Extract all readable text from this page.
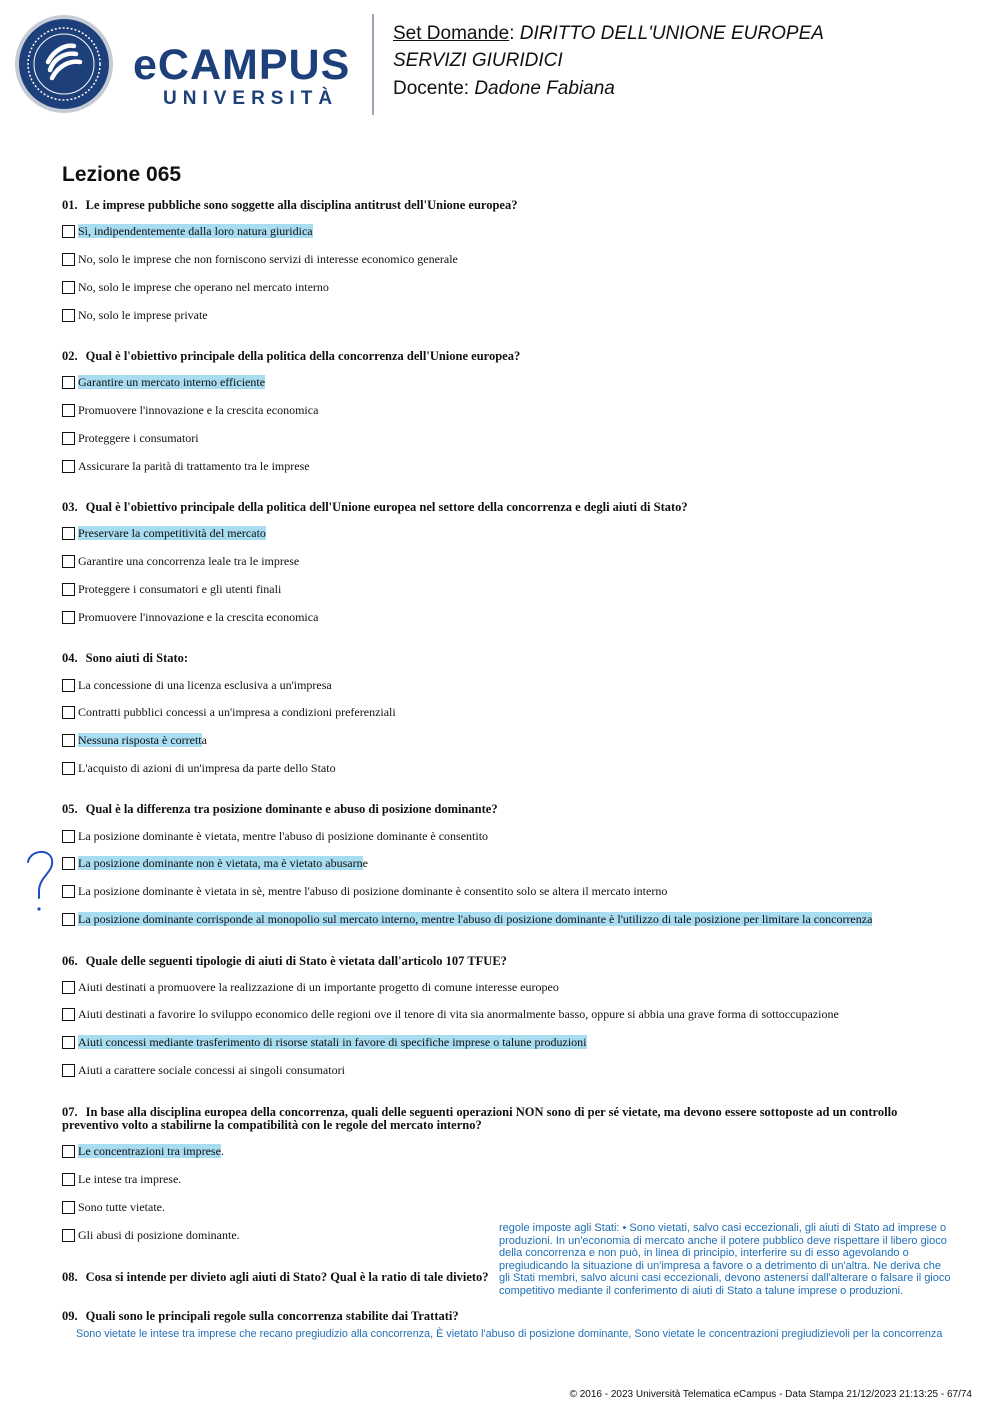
eCAMPUS
UNIVERSITÀ
Set Domande: DIRITTO DELL'UNIONE EUROPEA
SERVIZI GIURIDICI
Docente: Dadone Fabiana
Lezione 065
01. Le imprese pubbliche sono soggette alla disciplina antitrust dell'Unione europea?
Sì, indipendentemente dalla loro natura giuridica
No, solo le imprese che non forniscono servizi di interesse economico generale
No, solo le imprese che operano nel mercato interno
No, solo le imprese private
02. Qual è l'obiettivo principale della politica della concorrenza dell'Unione europea?
Garantire un mercato interno efficiente
Promuovere l'innovazione e la crescita economica
Proteggere i consumatori
Assicurare la parità di trattamento tra le imprese
03. Qual è l'obiettivo principale della politica dell'Unione europea nel settore della concorrenza e degli aiuti di Stato?
Preservare la competitività del mercato
Garantire una concorrenza leale tra le imprese
Proteggere i consumatori e gli utenti finali
Promuovere l'innovazione e la crescita economica
04. Sono aiuti di Stato:
La concessione di una licenza esclusiva a un'impresa
Contratti pubblici concessi a un'impresa a condizioni preferenziali
Nessuna risposta è corretta
L'acquisto di azioni di un'impresa da parte dello Stato
05. Qual è la differenza tra posizione dominante e abuso di posizione dominante?
La posizione dominante è vietata, mentre l'abuso di posizione dominante è consentito
La posizione dominante non è vietata, ma è vietato abusarne
La posizione dominante è vietata in sè, mentre l'abuso di posizione dominante è consentito solo se altera il mercato interno
La posizione dominante corrisponde al monopolio sul mercato interno, mentre l'abuso di posizione dominante è l'utilizzo di tale posizione per limitare la concorrenza
06. Quale delle seguenti tipologie di aiuti di Stato è vietata dall'articolo 107 TFUE?
Aiuti destinati a promuovere la realizzazione di un importante progetto di comune interesse europeo
Aiuti destinati a favorire lo sviluppo economico delle regioni ove il tenore di vita sia anormalmente basso, oppure si abbia una grave forma di sottoccupazione
Aiuti concessi mediante trasferimento di risorse statali in favore di specifiche imprese o talune produzioni
Aiuti a carattere sociale concessi ai singoli consumatori
07. In base alla disciplina europea della concorrenza, quali delle seguenti operazioni NON sono di per sé vietate, ma devono essere sottoposte ad un controllo
preventivo volto a stabilirne la compatibilità con le regole del mercato interno?
Le concentrazioni tra imprese.
Le intese tra imprese.
Sono tutte vietate.
Gli abusi di posizione dominante.
08. Cosa si intende per divieto agli aiuti di Stato? Qual è la ratio di tale divieto?
regole imposte agli Stati: • Sono vietati, salvo casi eccezionali, gli aiuti di Stato ad imprese o
produzioni. In un'economia di mercato anche il potere pubblico deve rispettare il libero gioco
della concorrenza e non può, in linea di principio, interferire su di esso agevolando o
pregiudicando la situazione di un'impresa a favore o a detrimento di un'altra. Ne deriva che
gli Stati membri, salvo alcuni casi eccezionali, devono astenersi dall'alterare o falsare il gioco
competitivo mediante il conferimento di aiuti di Stato a talune imprese o produzioni.
09. Quali sono le principali regole sulla concorrenza stabilite dai Trattati?
Sono vietate le intese tra imprese che recano pregiudizio alla concorrenza, È vietato l'abuso di posizione dominante, Sono vietate le concentrazioni pregiudizievoli per la concorrenza
© 2016 - 2023 Università Telematica eCampus - Data Stampa 21/12/2023 21:13:25 - 67/74
